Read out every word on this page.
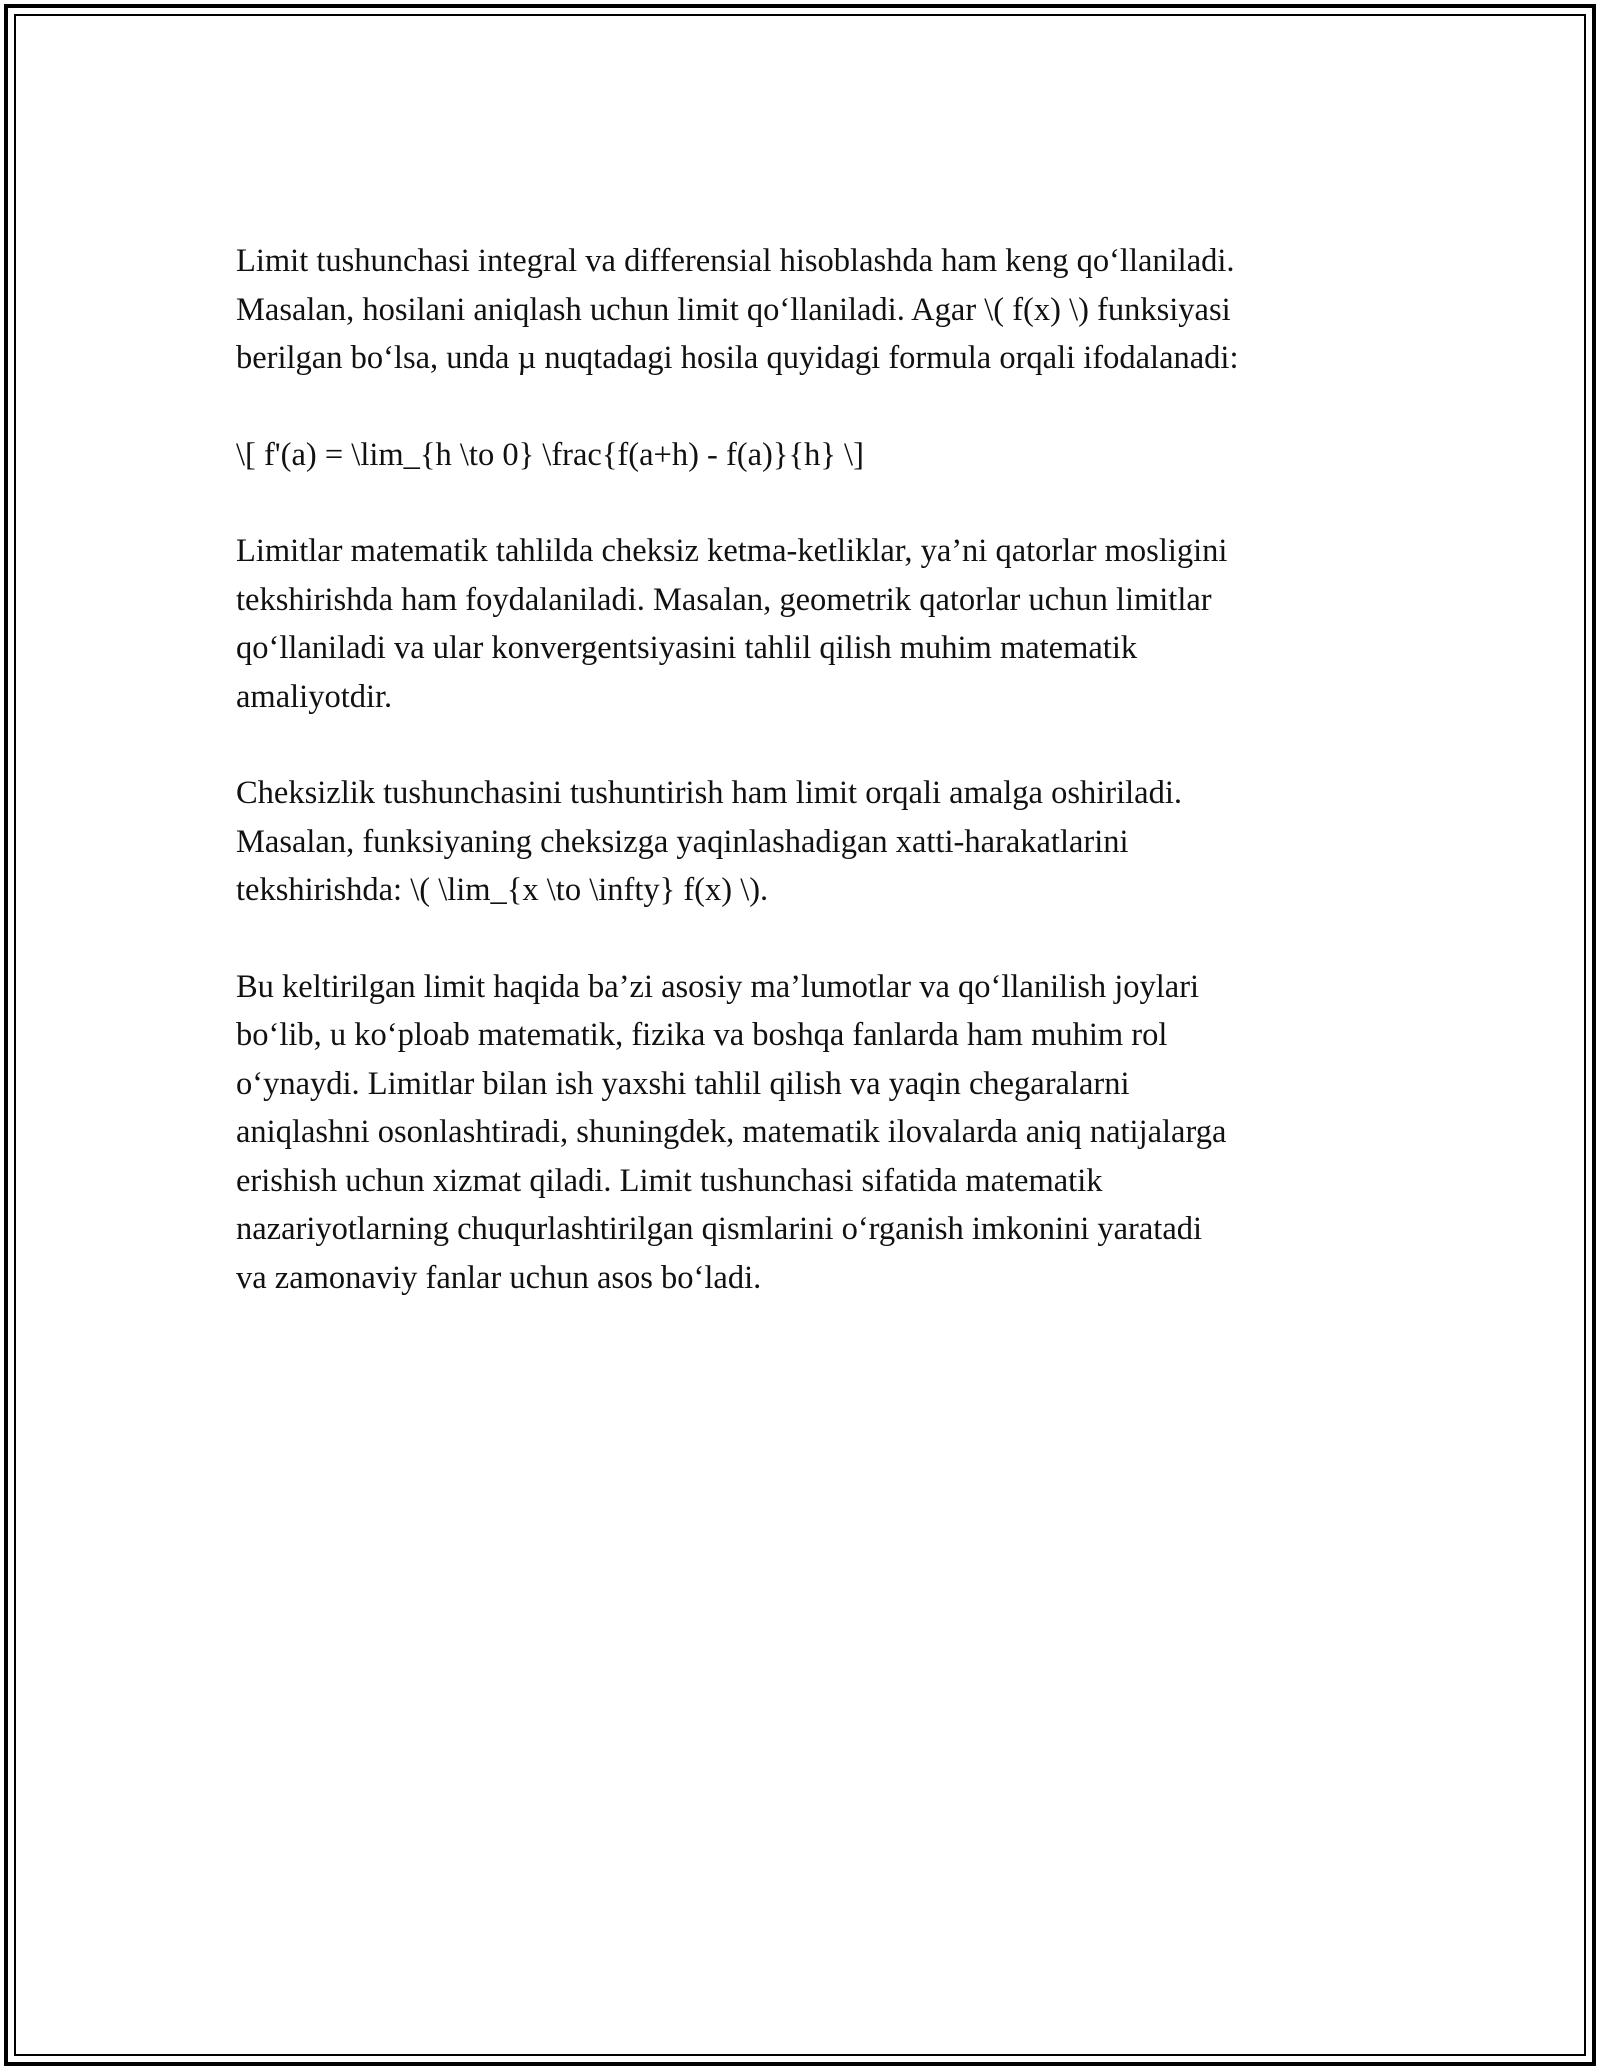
Limit tushunchasi integral va differensial hisoblashda ham keng qo‘llaniladi.
Masalan, hosilani aniqlash uchun limit qo‘llaniladi. Agar \( f(x) \) funksiyasi
berilgan bo‘lsa, unda µ nuqtadagi hosila quyidagi formula orqali ifodalanadi:

\[ f'(a) = \lim_{h \to 0} \frac{f(a+h) - f(a)}{h} \]

Limitlar matematik tahlilda cheksiz ketma-ketliklar, ya’ni qatorlar mosligini
tekshirishda ham foydalaniladi. Masalan, geometrik qatorlar uchun limitlar
qo‘llaniladi va ular konvergentsiyasini tahlil qilish muhim matematik
amaliyotdir.

Cheksizlik tushunchasini tushuntirish ham limit orqali amalga oshiriladi.
Masalan, funksiyaning cheksizga yaqinlashadigan xatti-harakatlarini
tekshirishda: \( \lim_{x \to \infty} f(x) \).

Bu keltirilgan limit haqida ba’zi asosiy ma’lumotlar va qo‘llanilish joylari
bo‘lib, u ko‘ploab matematik, fizika va boshqa fanlarda ham muhim rol
o‘ynaydi. Limitlar bilan ish yaxshi tahlil qilish va yaqin chegaralarni
aniqlashni osonlashtiradi, shuningdek, matematik ilovalarda aniq natijalarga
erishish uchun xizmat qiladi. Limit tushunchasi sifatida matematik
nazariyotlarning chuqurlashtirilgan qismlarini o‘rganish imkonini yaratadi
va zamonaviy fanlar uchun asos bo‘ladi.
